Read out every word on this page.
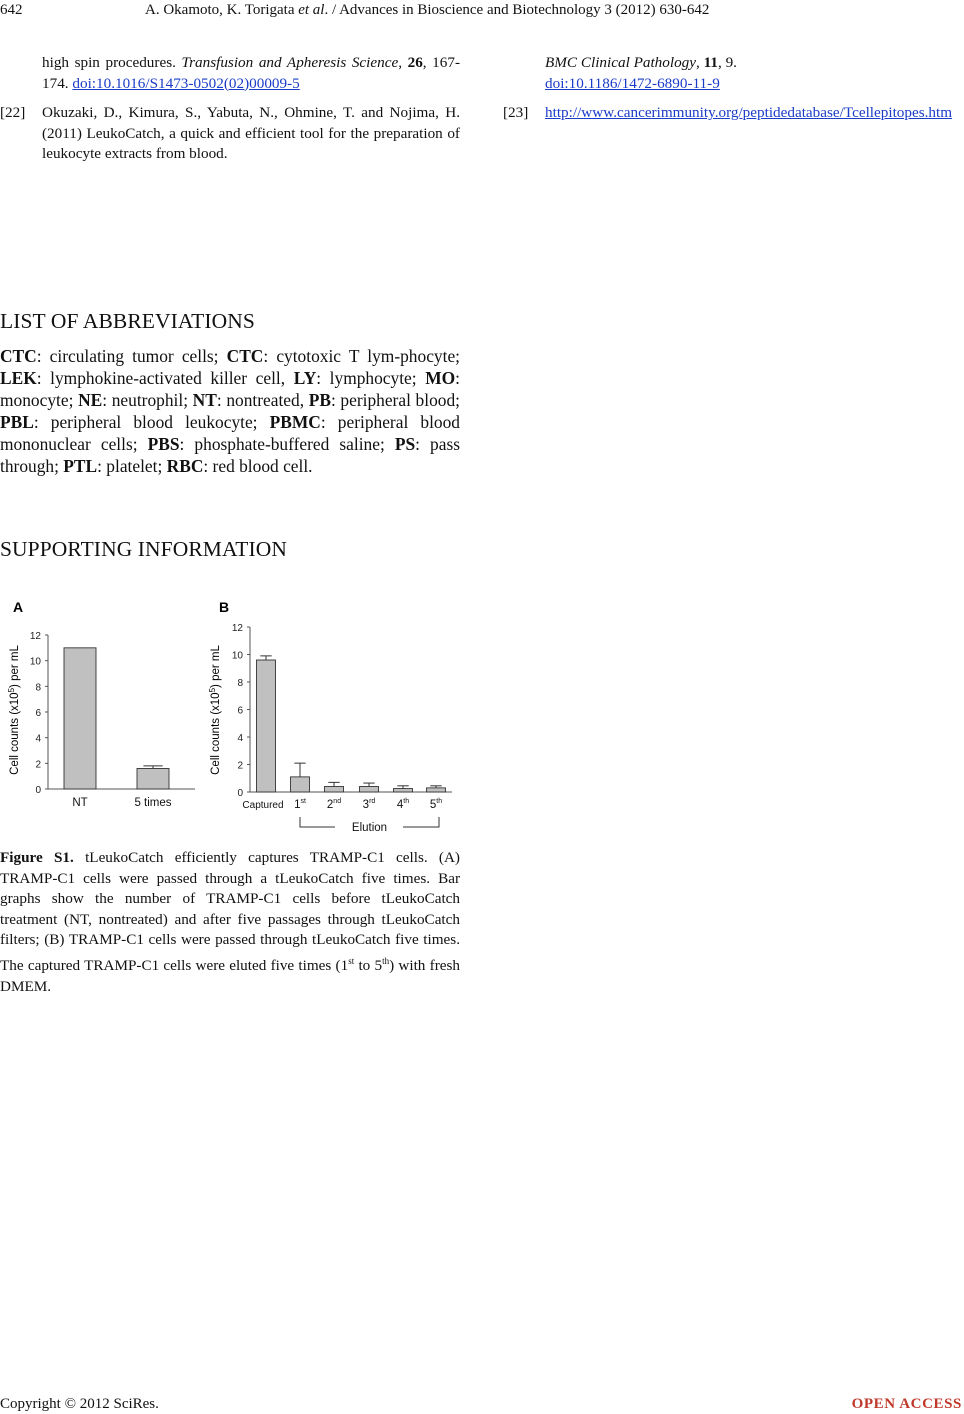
642	A. Okamoto, K. Torigata et al. / Advances in Bioscience and Biotechnology 3 (2012) 630-642
high spin procedures. Transfusion and Apheresis Science, 26, 167-174. doi:10.1016/S1473-0502(02)00009-5
[22] Okuzaki, D., Kimura, S., Yabuta, N., Ohmine, T. and Nojima, H. (2011) LeukoCatch, a quick and efficient tool for the preparation of leukocyte extracts from blood.
BMC Clinical Pathology, 11, 9.
doi:10.1186/1472-6890-11-9
[23] http://www.cancerimmunity.org/peptidedatabase/Tcellepitopes.htm
LIST OF ABBREVIATIONS
CTC: circulating tumor cells; CTC: cytotoxic T lym-phocyte; LEK: lymphokine-activated killer cell, LY: lymphocyte; MO: monocyte; NE: neutrophil; NT: nontreated, PB: peripheral blood; PBL: peripheral blood leukocyte; PBMC: peripheral blood mononuclear cells; PBS: phosphate-buffered saline; PS: pass through; PTL: platelet; RBC: red blood cell.
SUPPORTING INFORMATION
A
Cell counts $(x10^5)$ per mL
0
2
4
6
8
10
12
NT	5 times
B
Cell counts $(x10^5)$ per mL
0
2
4
6
8
10
12
Captured 1st 2nd 3rd 4th 5th
Elution
Figure S1. tLeukoCatch efficiently captures TRAMP-C1 cells. (A) TRAMP-C1 cells were passed through a tLeukoCatch five times. Bar graphs show the number of TRAMP-C1 cells before tLeukoCatch treatment (NT, nontreated) and after five passages through tLeukoCatch filters; (B) TRAMP-C1 cells were passed through tLeukoCatch five times. The captured TRAMP-C1 cells were eluted five times (1st to 5th) with fresh DMEM.
Copyright © 2012 SciRes.	OPEN ACCESS
